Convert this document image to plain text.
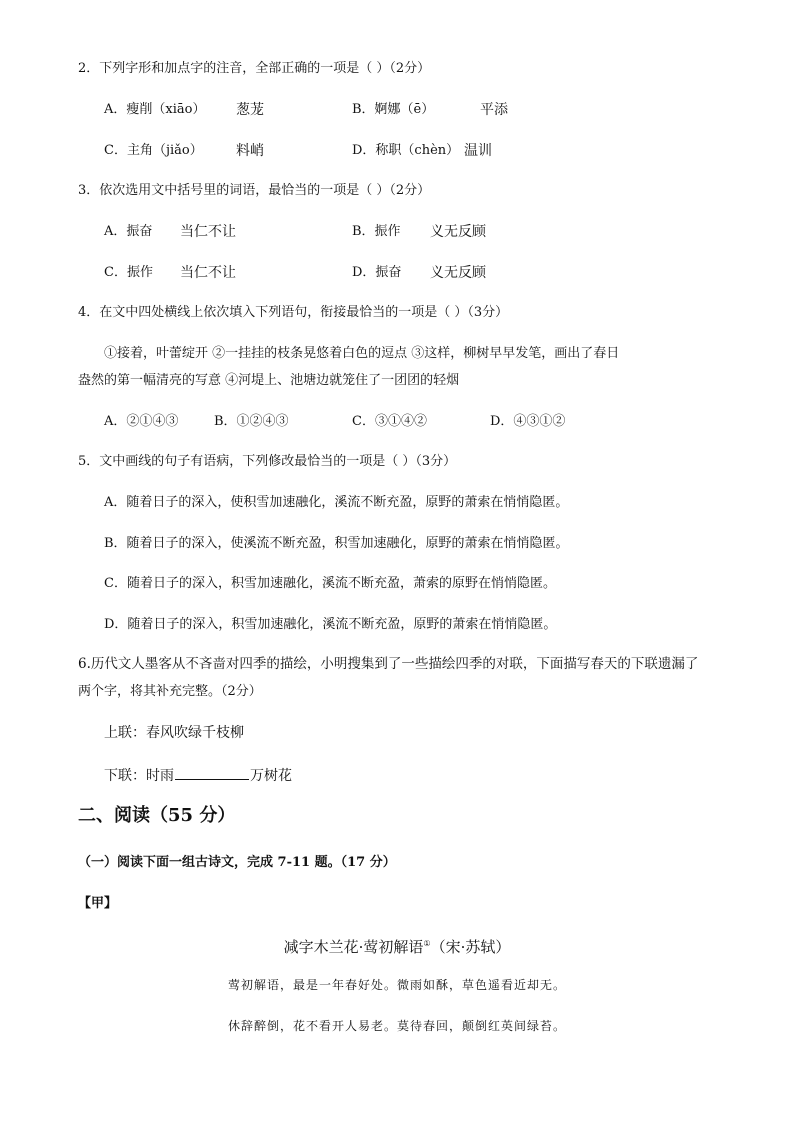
2．下列字形和加点字的注音，全部正确的一项是（ ）（2分）
A．瘦削（xiāo） 葱茏	B．婀娜（ē）	平添
C．主角（jiǎo） 料峭	D．称职（chèn） 温训
3．依次选用文中括号里的词语，最恰当的一项是（ ）（2分）
A．振奋 当仁不让	B．振作 义无反顾
C．振作 当仁不让	D．振奋 义无反顾
4．在文中四处横线上依次填入下列语句，衔接最恰当的一项是（ ）（3分）
①接着，叶蕾绽开 ②一挂挂的枝条晃悠着白色的逗点 ③这样，柳树早早发笔，画出了春日
盎然的第一幅清亮的写意 ④河堤上、池塘边就笼住了一团团的轻烟
A．②①④③	B．①②④③	C．③①④②	D．④③①②
5．文中画线的句子有语病，下列修改最恰当的一项是（ ）（3分）
A．随着日子的深入，使积雪加速融化，溪流不断充盈，原野的萧索在悄悄隐匿。
B．随着日子的深入，使溪流不断充盈，积雪加速融化，原野的萧索在悄悄隐匿。
C．随着日子的深入，积雪加速融化，溪流不断充盈，萧索的原野在悄悄隐匿。
D．随着日子的深入，积雪加速融化，溪流不断充盈，原野的萧索在悄悄隐匿。
6.历代文人墨客从不吝啬对四季的描绘，小明搜集到了一些描绘四季的对联，下面描写春天的下联遗漏了
两个字，将其补充完整。（2分）
上联：春风吹绿千枝柳
下联：时雨	万树花
二、阅读（55 分）
（一）阅读下面一组古诗文，完成 7-11 题。（17 分）
【甲】
减字木兰花·莺初解语①（宋·苏轼）
莺初解语，最是一年春好处。微雨如酥，草色遥看近却无。
休辞醉倒，花不看开人易老。莫待春回，颠倒红英间绿苔。
